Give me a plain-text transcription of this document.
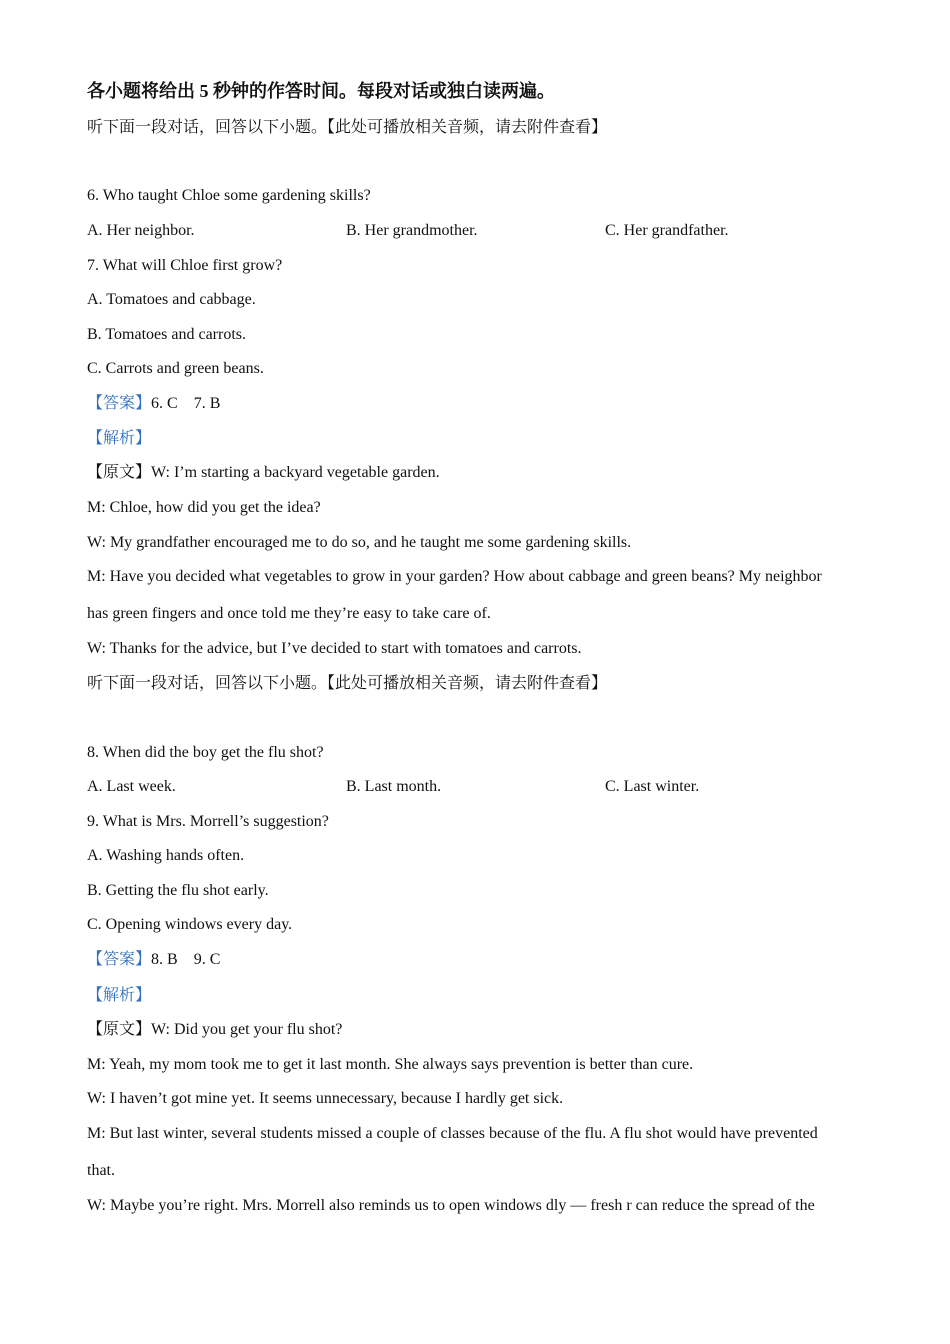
各小题将给出 5 秒钟的作答时间。每段对话或独白读两遍。
听下面一段对话，回答以下小题。【此处可播放相关音频，请去附件查看】
6. Who taught Chloe some gardening skills?
A. Her neighbor.	B. Her grandmother.	C. Her grandfather.
7. What will Chloe first grow?
A. Tomatoes and cabbage.
B. Tomatoes and carrots.
C. Carrots and green beans.
【答案】6. C    7. B
【解析】
【原文】W: I’m starting a backyard vegetable garden.
M: Chloe, how did you get the idea?
W: My grandfather encouraged me to do so, and he taught me some gardening skills.
M: Have you decided what vegetables to grow in your garden? How about cabbage and green beans? My neighbor
has green fingers and once told me they’re easy to take care of.
W: Thanks for the advice, but I’ve decided to start with tomatoes and carrots.
听下面一段对话，回答以下小题。【此处可播放相关音频，请去附件查看】
8. When did the boy get the flu shot?
A. Last week.	B. Last month.	C. Last winter.
9. What is Mrs. Morrell’s suggestion?
A. Washing hands often.
B. Getting the flu shot early.
C. Opening windows every day.
【答案】8. B    9. C
【解析】
【原文】W: Did you get your flu shot?
M: Yeah, my mom took me to get it last month. She always says prevention is better than cure.
W: I haven’t got mine yet. It seems unnecessary, because I hardly get sick.
M: But last winter, several students missed a couple of classes because of the flu. A flu shot would have prevented
that.
W: Maybe you’re right. Mrs. Morrell also reminds us to open windows dly — fresh r can reduce the spread of the
